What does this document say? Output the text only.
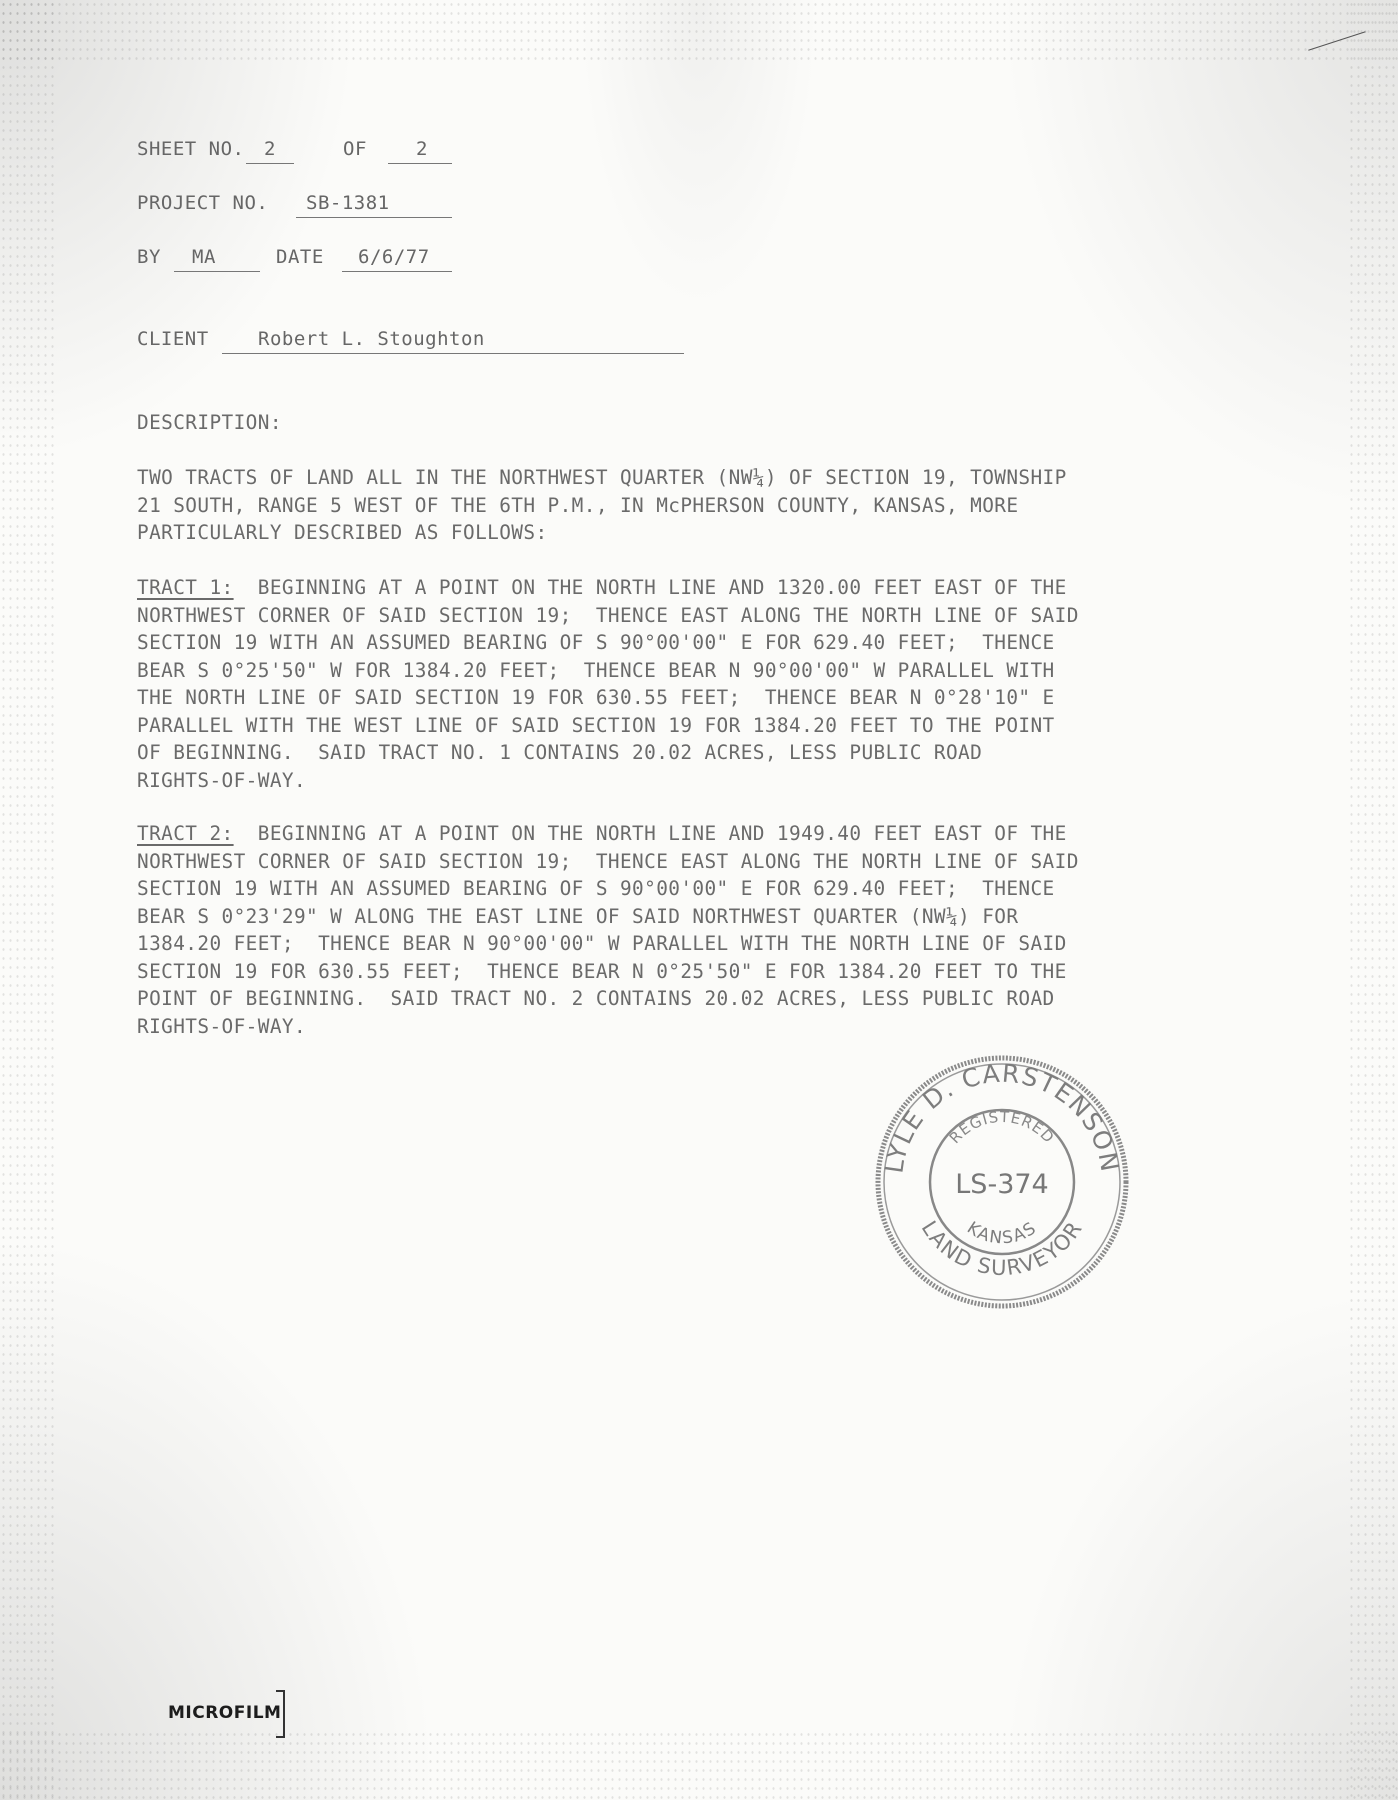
SHEET NO. 2	OF	2
PROJECT NO. SB-1381
BY MA	DATE 6/6/77
CLIENT	Robert L. Stoughton
DESCRIPTION:
TWO TRACTS OF LAND ALL IN THE NORTHWEST QUARTER (NW¼) OF SECTION 19, TOWNSHIP
21 SOUTH, RANGE 5 WEST OF THE 6TH P.M., IN McPHERSON COUNTY, KANSAS, MORE
PARTICULARLY DESCRIBED AS FOLLOWS:
TRACT 1:  BEGINNING AT A POINT ON THE NORTH LINE AND 1320.00 FEET EAST OF THE
NORTHWEST CORNER OF SAID SECTION 19;  THENCE EAST ALONG THE NORTH LINE OF SAID
SECTION 19 WITH AN ASSUMED BEARING OF S 90°00'00" E FOR 629.40 FEET;  THENCE
BEAR S 0°25'50" W FOR 1384.20 FEET;  THENCE BEAR N 90°00'00" W PARALLEL WITH
THE NORTH LINE OF SAID SECTION 19 FOR 630.55 FEET;  THENCE BEAR N 0°28'10" E
PARALLEL WITH THE WEST LINE OF SAID SECTION 19 FOR 1384.20 FEET TO THE POINT
OF BEGINNING.  SAID TRACT NO. 1 CONTAINS 20.02 ACRES, LESS PUBLIC ROAD
RIGHTS-OF-WAY.
TRACT 2:  BEGINNING AT A POINT ON THE NORTH LINE AND 1949.40 FEET EAST OF THE
NORTHWEST CORNER OF SAID SECTION 19;  THENCE EAST ALONG THE NORTH LINE OF SAID
SECTION 19 WITH AN ASSUMED BEARING OF S 90°00'00" E FOR 629.40 FEET;  THENCE
BEAR S 0°23'29" W ALONG THE EAST LINE OF SAID NORTHWEST QUARTER (NW¼) FOR
1384.20 FEET;  THENCE BEAR N 90°00'00" W PARALLEL WITH THE NORTH LINE OF SAID
SECTION 19 FOR 630.55 FEET;  THENCE BEAR N 0°25'50" E FOR 1384.20 FEET TO THE
POINT OF BEGINNING.  SAID TRACT NO. 2 CONTAINS 20.02 ACRES, LESS PUBLIC ROAD
RIGHTS-OF-WAY.
LYLE D. CARSTENSON
LAND SURVEYOR
REGISTERED
KANSAS
LS-374
MICROFILM
